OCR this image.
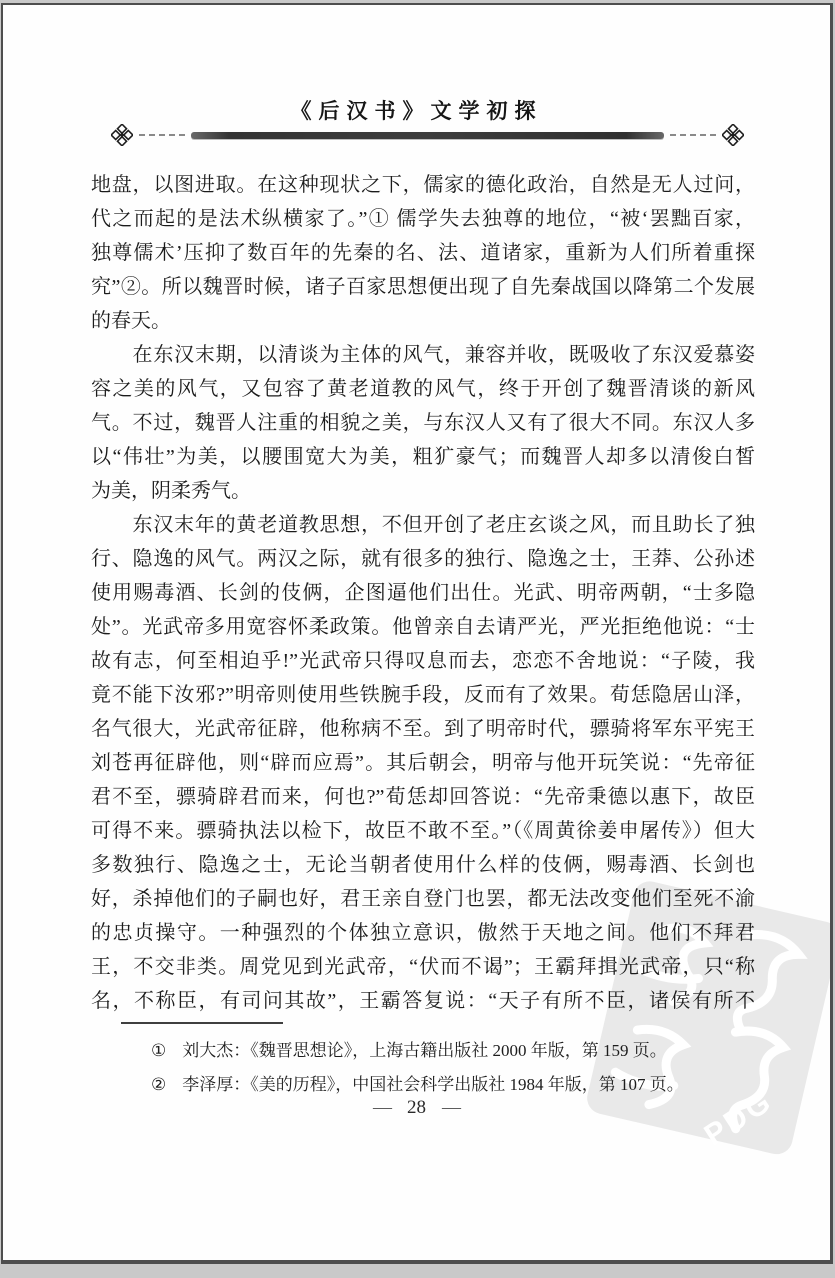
PDG
《后汉书》文学初探
地盘，以图进取。在这种现状之下，儒家的德化政治，自然是无人过问，
代之而起的是法术纵横家了。”① 儒学失去独尊的地位，“被‘罢黜百家，
独尊儒术’压抑了数百年的先秦的名、法、道诸家，重新为人们所着重探
究”②。所以魏晋时候，诸子百家思想便出现了自先秦战国以降第二个发展
的春天。
　　在东汉末期，以清谈为主体的风气，兼容并收，既吸收了东汉爱慕姿
容之美的风气，又包容了黄老道教的风气，终于开创了魏晋清谈的新风
气。不过，魏晋人注重的相貌之美，与东汉人又有了很大不同。东汉人多
以“伟壮”为美，以腰围宽大为美，粗犷豪气；而魏晋人却多以清俊白皙
为美，阴柔秀气。
　　东汉末年的黄老道教思想，不但开创了老庄玄谈之风，而且助长了独
行、隐逸的风气。两汉之际，就有很多的独行、隐逸之士，王莽、公孙述
使用赐毒酒、长剑的伎俩，企图逼他们出仕。光武、明帝两朝，“士多隐
处”。光武帝多用宽容怀柔政策。他曾亲自去请严光，严光拒绝他说：“士
故有志，何至相迫乎!”光武帝只得叹息而去，恋恋不舍地说：“子陵，我
竟不能下汝邪?”明帝则使用些铁腕手段，反而有了效果。荀恁隐居山泽，
名气很大，光武帝征辟，他称病不至。到了明帝时代，骠骑将军东平宪王
刘苍再征辟他，则“辟而应焉”。其后朝会，明帝与他开玩笑说：“先帝征
君不至，骠骑辟君而来，何也?”荀恁却回答说：“先帝秉德以惠下，故臣
可得不来。骠骑执法以检下，故臣不敢不至。”（《周黄徐姜申屠传》）但大
多数独行、隐逸之士，无论当朝者使用什么样的伎俩，赐毒酒、长剑也
好，杀掉他们的子嗣也好，君王亲自登门也罢，都无法改变他们至死不渝
的忠贞操守。一种强烈的个体独立意识，傲然于天地之间。他们不拜君
王，不交非类。周党见到光武帝，“伏而不谒”；王霸拜揖光武帝，只“称
名，不称臣，有司问其故”，王霸答复说：“天子有所不臣，诸侯有所不
① 刘大杰：《魏晋思想论》，上海古籍出版社 2000 年版，第 159 页。
② 李泽厚：《美的历程》，中国社会科学出版社 1984 年版，第 107 页。
— 28 —
